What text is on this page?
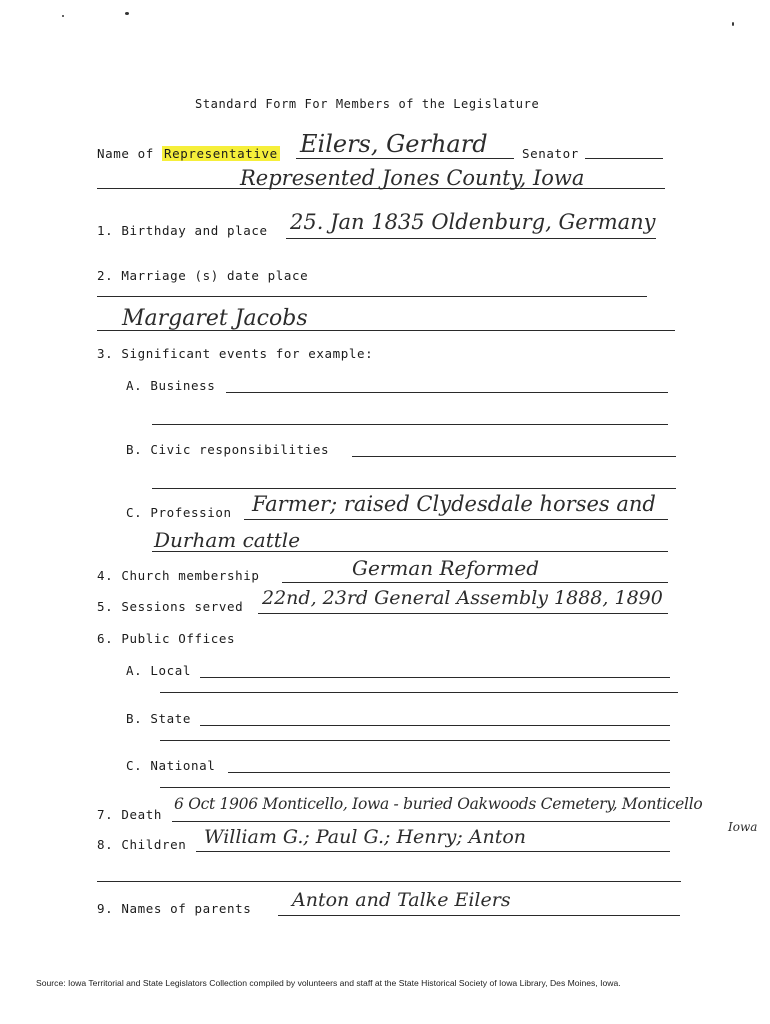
Standard Form For Members of the Legislature
Name of Representative Eilers, Gerhard	Senator
Represented Jones County, Iowa
1. Birthday and place 25. Jan 1835 Oldenburg, Germany
2. Marriage (s) date place
Margaret Jacobs
3. Significant events for example:
A. Business
B. Civic responsibilities
C. Profession Farmer; raised Clydesdale horses and
Durham cattle
4. Church membership	German Reformed
5. Sessions served 22nd, 23rd General Assembly 1888, 1890
6. Public Offices
A. Local
B. State
C. National
7. Death
6 Oct 1906 Monticello, Iowa - buried Oakwoods Cemetery, Monticello
Iowa
8. Children William G.; Paul G.; Henry; Anton
9. Names of parents Anton and Talke Eilers
Source: Iowa Territorial and State Legislators Collection compiled by volunteers and staff at the State Historical Society of Iowa Library, Des Moines, Iowa.
